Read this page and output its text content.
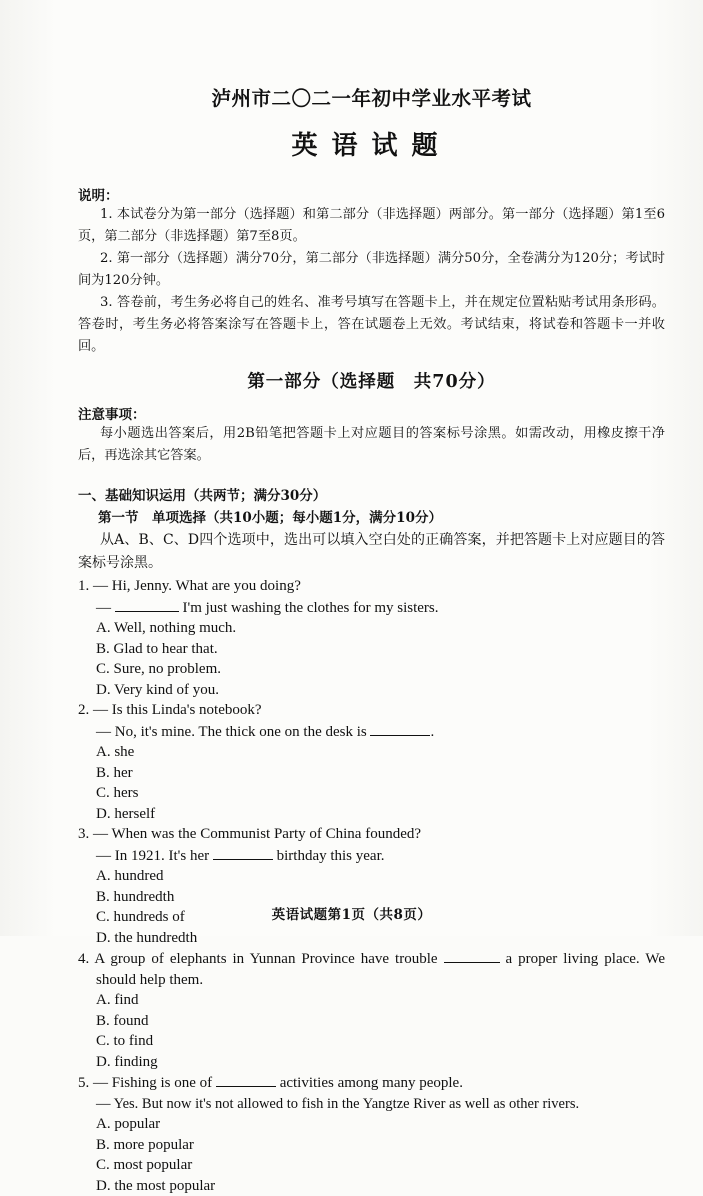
泸州市二〇二一年初中学业水平考试
英语试题
说明：
1. 本试卷分为第一部分（选择题）和第二部分（非选择题）两部分。第一部分（选择题）第1至6页，第二部分（非选择题）第7至8页。
2. 第一部分（选择题）满分70分，第二部分（非选择题）满分50分，全卷满分为120分；考试时间为120分钟。
3. 答卷前，考生务必将自己的姓名、准考号填写在答题卡上，并在规定位置粘贴考试用条形码。答卷时，考生务必将答案涂写在答题卡上，答在试题卷上无效。考试结束，将试卷和答题卡一并收回。
第一部分（选择题　共70分）
注意事项：
每小题选出答案后，用2B铅笔把答题卡上对应题目的答案标号涂黑。如需改动，用橡皮擦干净后，再选涂其它答案。
一、基础知识运用（共两节；满分30分）
第一节　单项选择（共10小题；每小题1分，满分10分）
从A、B、C、D四个选项中，选出可以填入空白处的正确答案，并把答题卡上对应题目的答案标号涂黑。
1. — Hi, Jenny. What are you doing?
—	I'm just washing the clothes for my sisters.
A. Well, nothing much.
B. Glad to hear that.
C. Sure, no problem.
D. Very kind of you.
2. — Is this Linda's notebook?
— No, it's mine. The thick one on the desk is	.
A. she
B. her
C. hers
D. herself
3. — When was the Communist Party of China founded?
— In 1921. It's her	birthday this year.
A. hundred
B. hundredth
C. hundreds of
D. the hundredth
4. A group of elephants in Yunnan Province have trouble	a proper living place. We should help them.
A. find
B. found
C. to find
D. finding
5. — Fishing is one of	activities among many people.
— Yes. But now it's not allowed to fish in the Yangtze River as well as other rivers.
A. popular
B. more popular
C. most popular
D. the most popular
英语试题第1页（共8页）
